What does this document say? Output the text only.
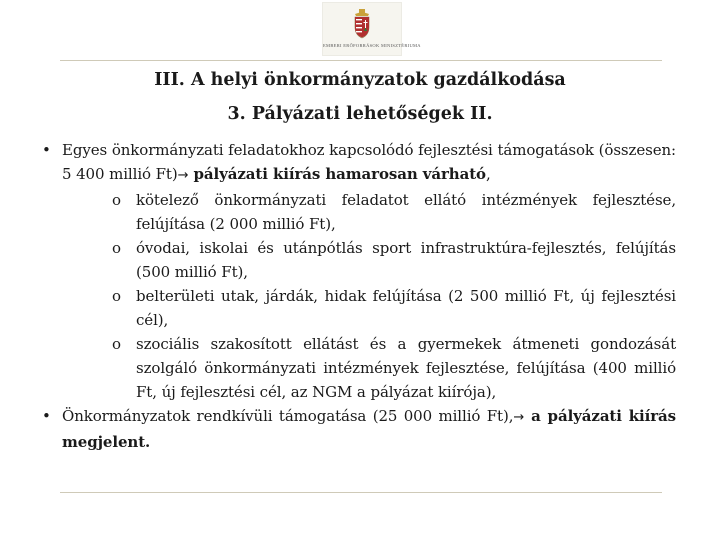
EMBERI ERŐFORRÁSOK MINISZTÉRIUMA
III. A helyi önkormányzatok gazdálkodása
3. Pályázati lehetőségek II.
• Egyes önkormányzati feladatokhoz kapcsolódó fejlesztési támogatások (összesen: 5 400 millió Ft)→ pályázati kiírás hamarosan várható,
o kötelező önkormányzati feladatot ellátó intézmények fejlesztése, felújítása (2 000 millió Ft),
o óvodai, iskolai és utánpótlás sport infrastruktúra-fejlesztés, felújítás (500 millió Ft),
o belterületi utak, járdák, hidak felújítása (2 500 millió Ft, új fejlesztési cél),
o szociális szakosított ellátást és a gyermekek átmeneti gondozását szolgáló önkormányzati intézmények fejlesztése, felújítása (400 millió Ft, új fejlesztési cél, az NGM a pályázat kiírója),
• Önkormányzatok rendkívüli támogatása (25 000 millió Ft),→ a pályázati kiírás megjelent.
